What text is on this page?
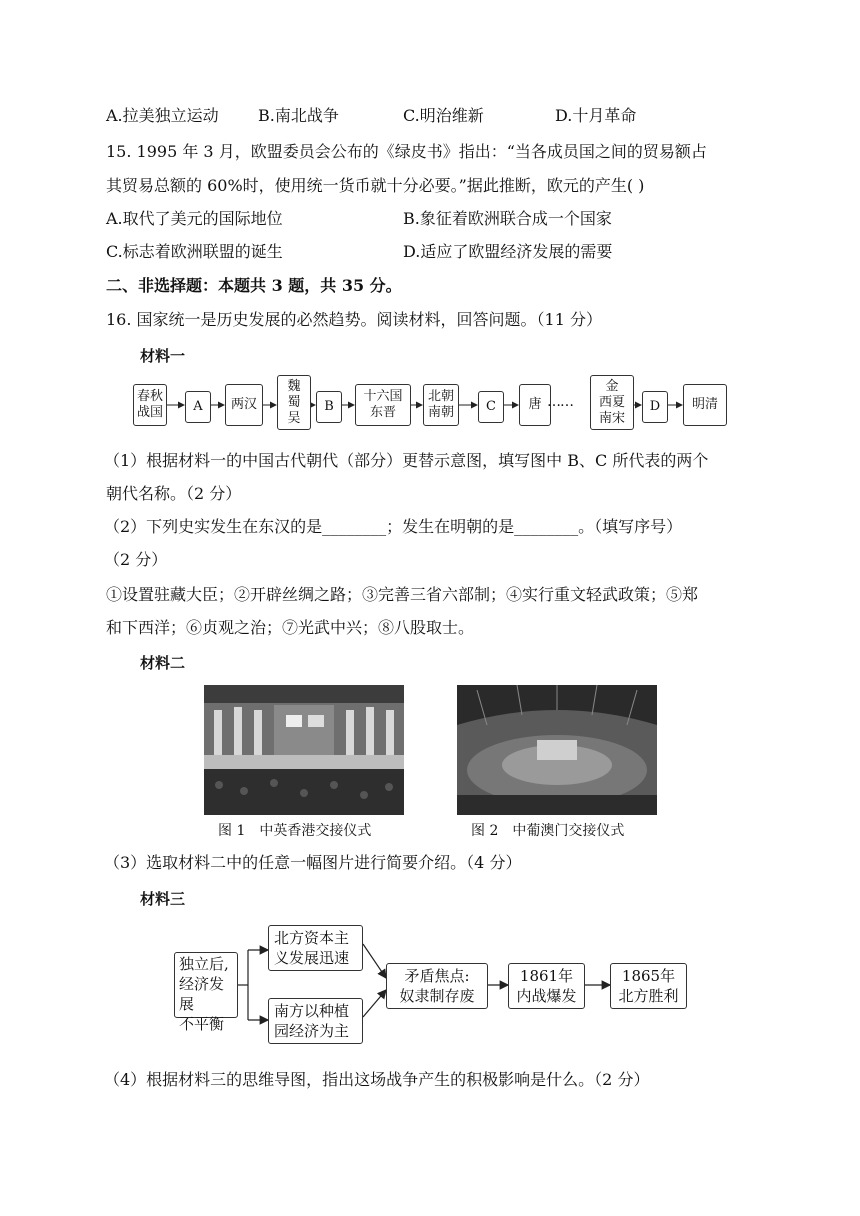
A.拉美独立运动 B.南北战争	C.明治维新	D.十月革命
15. 1995 年 3 月，欧盟委员会公布的《绿皮书》指出：“当各成员国之间的贸易额占
其贸易总额的 60%时，使用统一货币就十分必要。”据此推断，欧元的产生( )
A.取代了美元的国际地位	B.象征着欧洲联合成一个国家
C.标志着欧洲联盟的诞生	D.适应了欧盟经济发展的需要
二、非选择题：本题共 3 题，共 35 分。
16. 国家统一是历史发展的必然趋势。阅读材料，回答问题。（11 分）
材料一
春秋
战国 A 两汉
魏
蜀
吴
B
十六国
东晋
北朝
南朝 C	唐
金
西夏
南宋
D 明清
……
（1）根据材料一的中国古代朝代（部分）更替示意图，填写图中 B、C 所代表的两个
朝代名称。（2 分）
（2）下列史实发生在东汉的是________；发生在明朝的是________。（填写序号）
（2 分）
①设置驻藏大臣；②开辟丝绸之路；③完善三省六部制；④实行重文轻武政策；⑤郑
和下西洋；⑥贞观之治；⑦光武中兴；⑧八股取士。
材料二
图 1　中英香港交接仪式	图 2　中葡澳门交接仪式
（3）选取材料二中的任意一幅图片进行简要介绍。（4 分）
材料三
独立后,
经济发展
不平衡
北方资本主
义发展迅速
南方以种植
园经济为主
矛盾焦点:
奴隶制存废
1861年
内战爆发
1865年
北方胜利
（4）根据材料三的思维导图，指出这场战争产生的积极影响是什么。（2 分）
